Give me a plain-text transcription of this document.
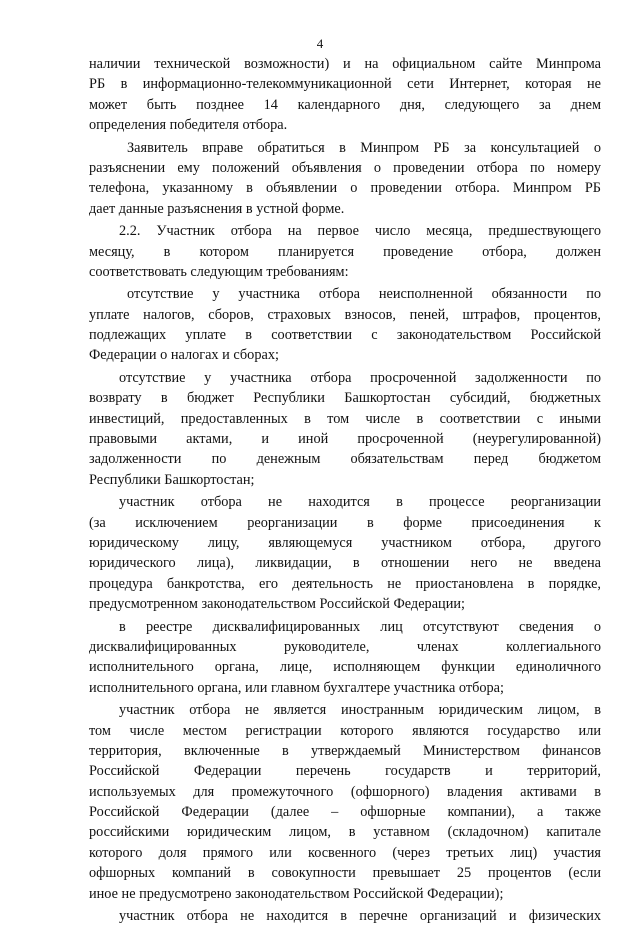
4
наличии технической возможности) и на официальном сайте Минпрома
РБ в информационно-телекоммуникационной сети Интернет, которая не
может быть позднее 14 календарного дня, следующего за днем
определения победителя отбора.
Заявитель вправе обратиться в Минпром РБ за консультацией о
разъяснении ему положений объявления о проведении отбора по номеру
телефона, указанному в объявлении о проведении отбора. Минпром РБ
дает данные разъяснения в устной форме.
2.2. Участник отбора на первое число месяца, предшествующего
месяцу, в котором планируется проведение отбора, должен
соответствовать следующим требованиям:
отсутствие у участника отбора неисполненной обязанности по
уплате налогов, сборов, страховых взносов, пеней, штрафов, процентов,
подлежащих уплате в соответствии с законодательством Российской
Федерации о налогах и сборах;
отсутствие у участника отбора просроченной задолженности по
возврату в бюджет Республики Башкортостан субсидий, бюджетных
инвестиций, предоставленных в том числе в соответствии с иными
правовыми актами, и иной просроченной (неурегулированной)
задолженности по денежным обязательствам перед бюджетом
Республики Башкортостан;
участник отбора не находится в процессе реорганизации
(за исключением реорганизации в форме присоединения к
юридическому лицу, являющемуся участником отбора, другого
юридического лица), ликвидации, в отношении него не введена
процедура банкротства, его деятельность не приостановлена в порядке,
предусмотренном законодательством Российской Федерации;
в реестре дисквалифицированных лиц отсутствуют сведения о
дисквалифицированных руководителе, членах коллегиального
исполнительного органа, лице, исполняющем функции единоличного
исполнительного органа, или главном бухгалтере участника отбора;
участник отбора не является иностранным юридическим лицом, в
том числе местом регистрации которого являются государство или
территория, включенные в утверждаемый Министерством финансов
Российской Федерации перечень государств и территорий,
используемых для промежуточного (офшорного) владения активами в
Российской Федерации (далее – офшорные компании), а также
российскими юридическим лицом, в уставном (складочном) капитале
которого доля прямого или косвенного (через третьих лиц) участия
офшорных компаний в совокупности превышает 25 процентов (если
иное не предусмотрено законодательством Российской Федерации);
участник отбора не находится в перечне организаций и физических
